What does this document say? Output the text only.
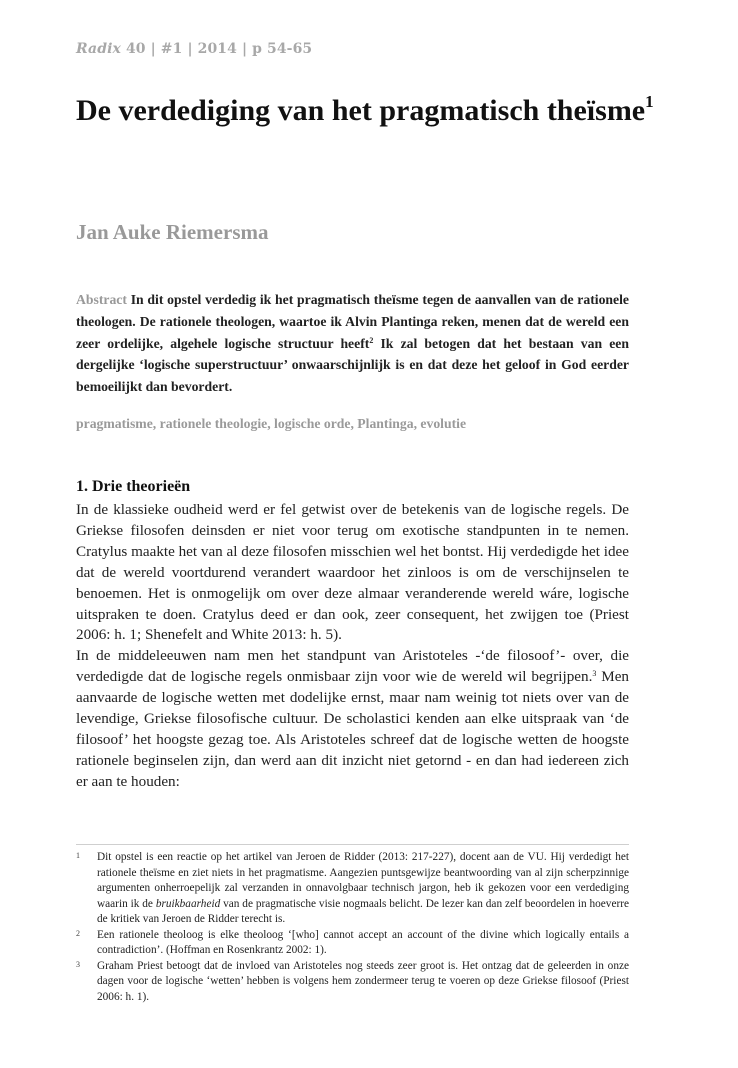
Radix 40 | #1 | 2014 | p 54-65
De verdediging van het pragmatisch theïsme$^1$
Jan Auke Riemersma

Abstract In dit opstel verdedig ik het pragmatisch theïsme tegen de aanvallen van de rationele theologen. De rationele theologen, waartoe ik Alvin Plantinga reken, menen dat de wereld een zeer ordelijke, algehele logische structuur heeft$^2$ Ik zal betogen dat het bestaan van een dergelijke ‘logische superstructuur’ onwaarschijnlijk is en dat deze het geloof in God eerder bemoeilijkt dan bevordert.

pragmatisme, rationele theologie, logische orde, Plantinga, evolutie
1. Drie theorieën

In de klassieke oudheid werd er fel getwist over de betekenis van de logische regels. De Griekse filosofen deinsden er niet voor terug om exotische standpunten in te nemen. Cratylus maakte het van al deze filosofen misschien wel het bontst. Hij verdedigde het idee dat de wereld voortdurend verandert waardoor het zinloos is om de verschijnselen te benoemen. Het is onmogelijk om over deze almaar veranderende wereld wáre, logische uitspraken te doen. Cratylus deed er dan ook, zeer consequent, het zwijgen toe (Priest 2006: h. 1; Shenefelt and White 2013: h. 5).

In de middeleeuwen nam men het standpunt van Aristoteles -‘de filosoof’- over, die verdedigde dat de logische regels onmisbaar zijn voor wie de wereld wil begrijpen.$^3$ Men aanvaarde de logische wetten met dodelijke ernst, maar nam weinig tot niets over van de levendige, Griekse filosofische cultuur. De scholastici kenden aan elke uitspraak van ‘de filosoof’ het hoogste gezag toe. Als Aristoteles schreef dat de logische wetten de hoogste rationele beginselen zijn, dan werd aan dit inzicht niet getornd - en dan had iedereen zich er aan te houden:

1 Dit opstel is een reactie op het artikel van Jeroen de Ridder (2013: 217-227), docent aan de VU. Hij verdedigt het rationele theïsme en ziet niets in het pragmatisme. Aangezien puntsgewijze beantwoording van al zijn scherpzinnige argumenten onherroepelijk zal verzanden in onnavolgbaar technisch jargon, heb ik gekozen voor een verdediging waarin ik de bruikbaarheid van de pragmatische visie nogmaals belicht. De lezer kan dan zelf beoordelen in hoeverre de kritiek van Jeroen de Ridder terecht is.

2 Een rationele theoloog is elke theoloog ‘[who] cannot accept an account of the divine which logically entails a contradiction’. (Hoffman en Rosenkrantz 2002: 1).

3 Graham Priest betoogt dat de invloed van Aristoteles nog steeds zeer groot is. Het ontzag dat de geleerden in onze dagen voor de logische ‘wetten’ hebben is volgens hem zondermeer terug te voeren op deze Griekse filosoof (Priest 2006: h. 1).
